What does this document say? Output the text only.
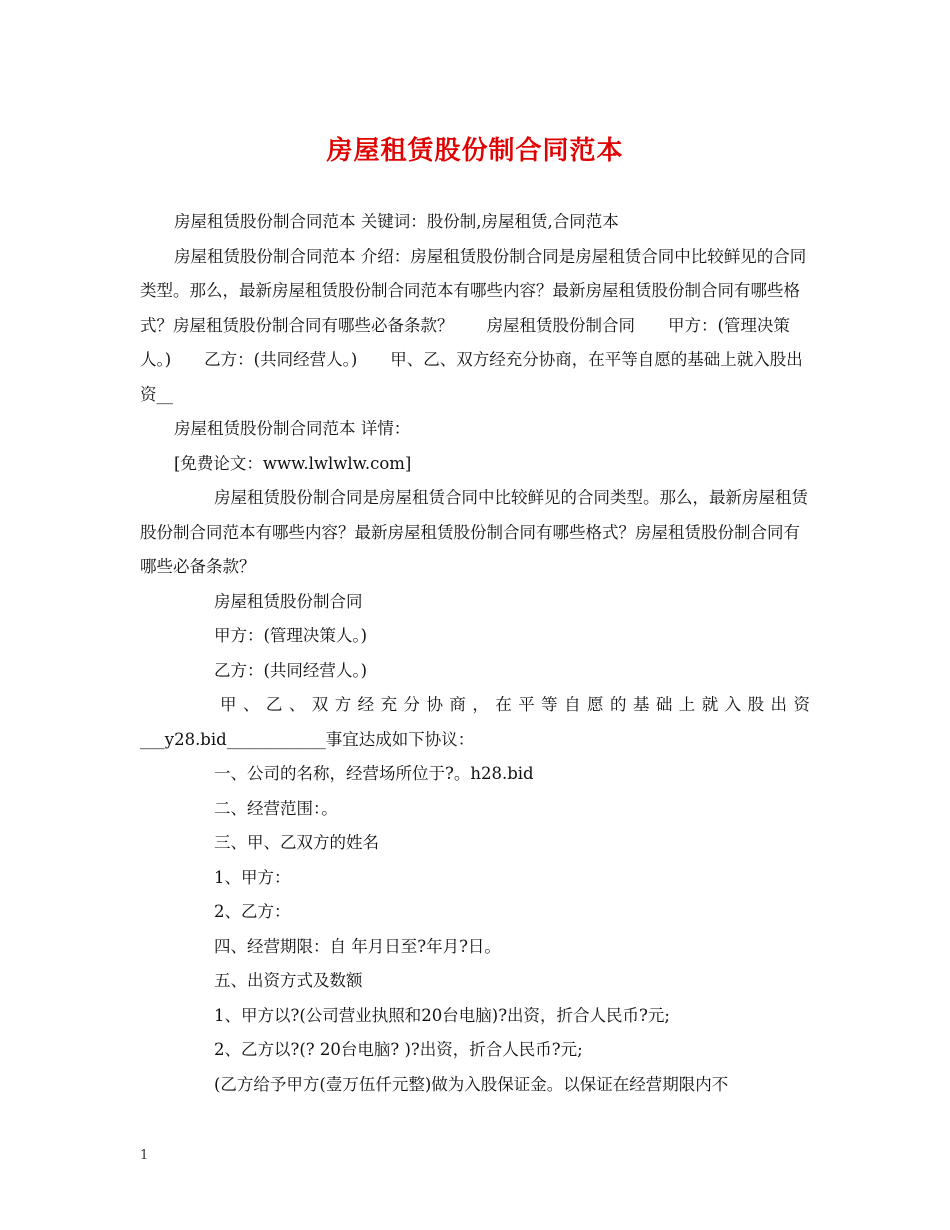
房屋租赁股份制合同范本

房屋租赁股份制合同范本 关键词：股份制,房屋租赁,合同范本

房屋租赁股份制合同范本 介绍：房屋租赁股份制合同是房屋租赁合同中比较鲜见的合同类型。那么，最新房屋租赁股份制合同范本有哪些内容？最新房屋租赁股份制合同有哪些格式？房屋租赁股份制合同有哪些必备条款？　　房屋租赁股份制合同　　甲方：(管理决策人。)　　乙方：(共同经营人。)　　甲、乙、双方经充分协商，在平等自愿的基础上就入股出资__

房屋租赁股份制合同范本 详情：

[免费论文：www.lwlwlw.com]

房屋租赁股份制合同是房屋租赁合同中比较鲜见的合同类型。那么，最新房屋租赁股份制合同范本有哪些内容？最新房屋租赁股份制合同有哪些格式？房屋租赁股份制合同有哪些必备条款？

房屋租赁股份制合同

甲方：(管理决策人。)

乙方：(共同经营人。)

甲、乙、双方经充分协商，在平等自愿的基础上就入股出资

___y28.bid____________事宜达成如下协议：

一、公司的名称，经营场所位于?。h28.bid

二、经营范围：。

三、甲、乙双方的姓名

1、甲方：

2、乙方：

四、经营期限：自 年月日至?年月?日。

五、出资方式及数额

1、甲方以?(公司营业执照和20台电脑)?出资，折合人民币?元;

2、乙方以?(? 20台电脑? )?出资，折合人民币?元;

(乙方给予甲方(壹万伍仟元整)做为入股保证金。以保证在经营期限内不

1
